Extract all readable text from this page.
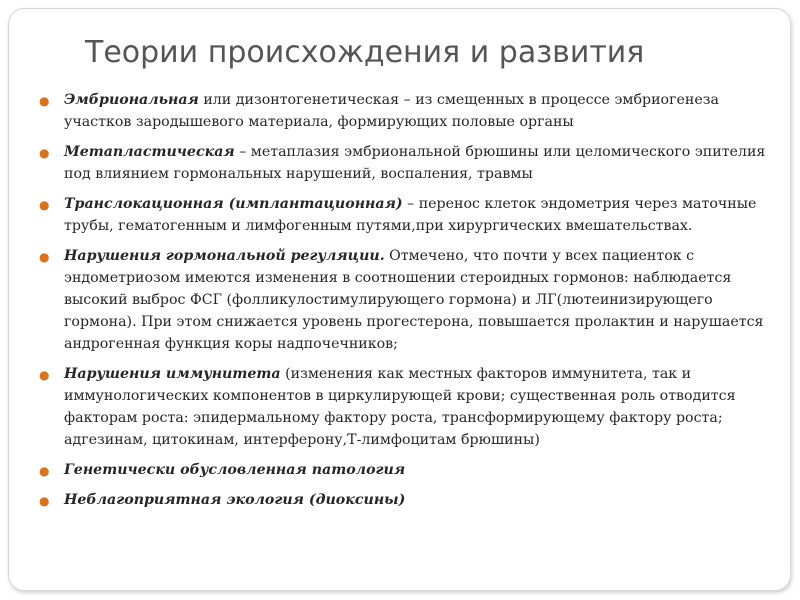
Теории происхождения и развития
● Эмбриональная или дизонтогенетическая – из смещенных в процессе эмбриогенеза участков зародышевого материала, формирующих половые органы
● Метапластическая – метаплазия эмбриональной брюшины или целомического эпителия под влиянием гормональных нарушений, воспаления, травмы
● Транслокационная (имплантационная) – перенос клеток эндометрия через маточные трубы, гематогенным и лимфогенным путями,при хирургических вмешательствах.
● Нарушения гормональной регуляции. Отмечено, что почти у всех пациенток с эндометриозом имеются изменения в соотношении стероидных гормонов: наблюдается высокий выброс ФСГ (фолликулостимулирующего гормона) и ЛГ(лютеинизирующего гормона). При этом снижается уровень прогестерона, повышается пролактин и нарушается андрогенная функция коры надпочечников;
● Нарушения иммунитета (изменения как местных факторов иммунитета, так и иммунологических компонентов в циркулирующей крови; существенная роль отводится факторам роста: эпидермальному фактору роста, трансформирующему фактору роста; адгезинам, цитокинам, интерферону,Т-лимфоцитам брюшины)
● Генетически обусловленная патология
● Неблагоприятная экология (диоксины)
